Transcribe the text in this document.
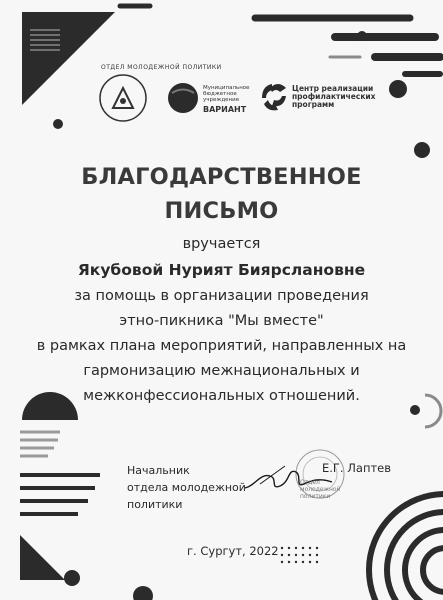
ОТДЕЛ МОЛОДЕЖНОЙ ПОЛИТИКИ
Муниципальное
бюджетное
учреждение
ВАРИАНТ
Центр реализации
профилактических
программ
БЛАГОДАРСТВЕННОЕ
ПИСЬМО
вручается
Якубовой Нурият Биярслановне
за помощь в организации проведения
этно-пикника "Мы вместе"
в рамках плана мероприятий, направленных на
гармонизацию межнациональных и
межконфессиональных отношений.
Начальник
отдела молодежной
политики
Отдел молодежной политики
Е.Г. Лаптев
г. Сургут, 2022
